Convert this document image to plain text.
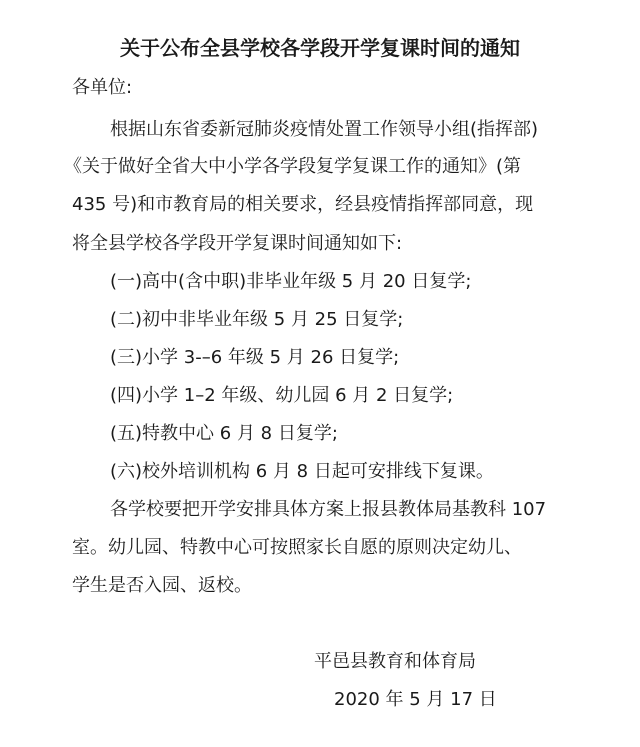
关于公布全县学校各学段开学复课时间的通知

各单位:

根据山东省委新冠肺炎疫情处置工作领导小组(指挥部)

《关于做好全省大中小学各学段复学复课工作的通知》(第

435 号)和市教育局的相关要求，经县疫情指挥部同意，现

将全县学校各学段开学复课时间通知如下:

(一)高中(含中职)非毕业年级 5 月 20 日复学;

(二)初中非毕业年级 5 月 25 日复学;

(三)小学 3-–6 年级 5 月 26 日复学;

(四)小学 1–2 年级、幼儿园 6 月 2 日复学;

(五)特教中心 6 月 8 日复学;

(六)校外培训机构 6 月 8 日起可安排线下复课。

各学校要把开学安排具体方案上报县教体局基教科 107

室。幼儿园、特教中心可按照家长自愿的原则决定幼儿、

学生是否入园、返校。

平邑县教育和体育局

2020 年 5 月 17 日
